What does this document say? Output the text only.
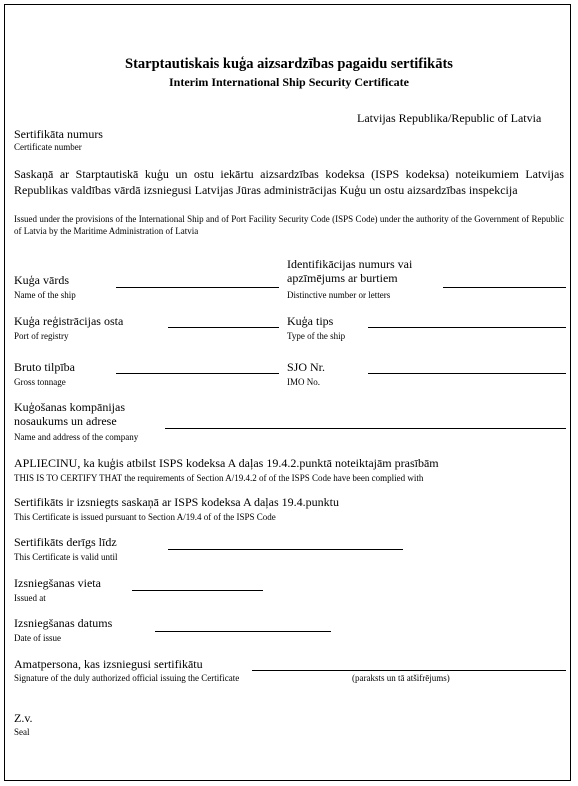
Starptautiskais kuģa aizsardzības pagaidu sertifikāts
Interim International Ship Security Certificate
Latvijas Republika/Republic of Latvia
Sertifikāta numurs
Certificate number
Saskaņā ar Starptautiskā kuģu un ostu iekārtu aizsardzības kodeksa (ISPS kodeksa) noteikumiem Latvijas Republikas valdības vārdā izsniegusi Latvijas Jūras administrācijas Kuģu un ostu aizsardzības inspekcija
Issued under the provisions of the International Ship and of Port Facility Security Code (ISPS Code) under the authority of the Government of Republic of Latvia by the Maritime Administration of Latvia
Kuģa vārds
Name of the ship
Identifikācijas numurs vai apzīmējums ar burtiem
Distinctive number or letters
Kuģa reģistrācijas osta
Port of registry
Kuģa tips
Type of the ship
Bruto tilpība
Gross tonnage
SJO Nr.
IMO No.
Kuģošanas kompānijas nosaukums un adrese
Name and address of the company
APLIECINU, ka kuģis atbilst ISPS kodeksa A daļas 19.4.2.punktā noteiktajām prasībām
THIS IS TO CERTIFY THAT the requirements of Section A/19.4.2 of of the ISPS Code have been complied with
Sertifikāts ir izsniegts saskaņā ar ISPS kodeksa A daļas 19.4.punktu
This Certificate is issued pursuant to Section A/19.4 of of the ISPS Code
Sertifikāts derīgs līdz
This Certificate is valid until
Izsniegšanas vieta
Issued at
Izsniegšanas datums
Date of issue
Amatpersona, kas izsniegusi sertifikātu
Signature of the duly authorized official issuing the Certificate	(paraksts un tā atšifrējums)
Z.v.
Seal
